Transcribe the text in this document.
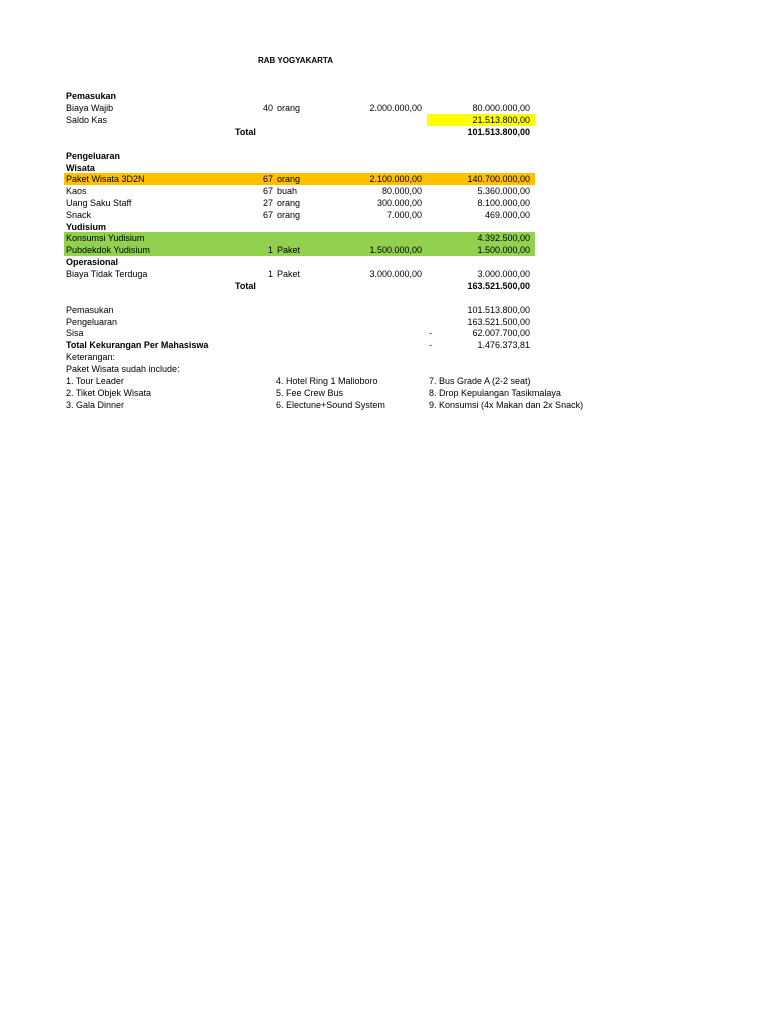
RAB YOGYAKARTA
Pemasukan
Biaya Wajib	40 orang	2.000.000,00	80.000.000,00
Saldo Kas	21.513.800,00
Total	101.513.800,00
Pengeluaran
Wisata
Paket Wisata 3D2N	67 orang	2.100.000,00	140.700.000,00
Kaos	67 buah	80.000,00	5.360.000,00
Uang Saku Staff	27 orang	300.000,00	8.100.000,00
Snack	67 orang	7.000,00	469.000,00
Yudisium
Konsumsi Yudisium	4.392.500,00
Pubdekdok Yudisium	1 Paket	1.500.000,00	1.500.000,00
Operasional
Biaya Tidak Terduga	1 Paket	3.000.000,00	3.000.000,00
Total	163.521.500,00
Pemasukan	101.513.800,00
Pengeluaran	163.521.500,00
Sisa	-	62.007.700,00
Total Kekurangan Per Mahasiswa	-	1.476.373,81
Keterangan:
Paket Wisata sudah include:
1. Tour Leader	4. Hotel Ring 1 Malioboro	7. Bus Grade A (2-2 seat)
2. Tiket Objek Wisata	5. Fee Crew Bus	8. Drop Kepulangan Tasikmalaya
3. Gala Dinner	6. Electune+Sound System	9. Konsumsi (4x Makan dan 2x Snack)
